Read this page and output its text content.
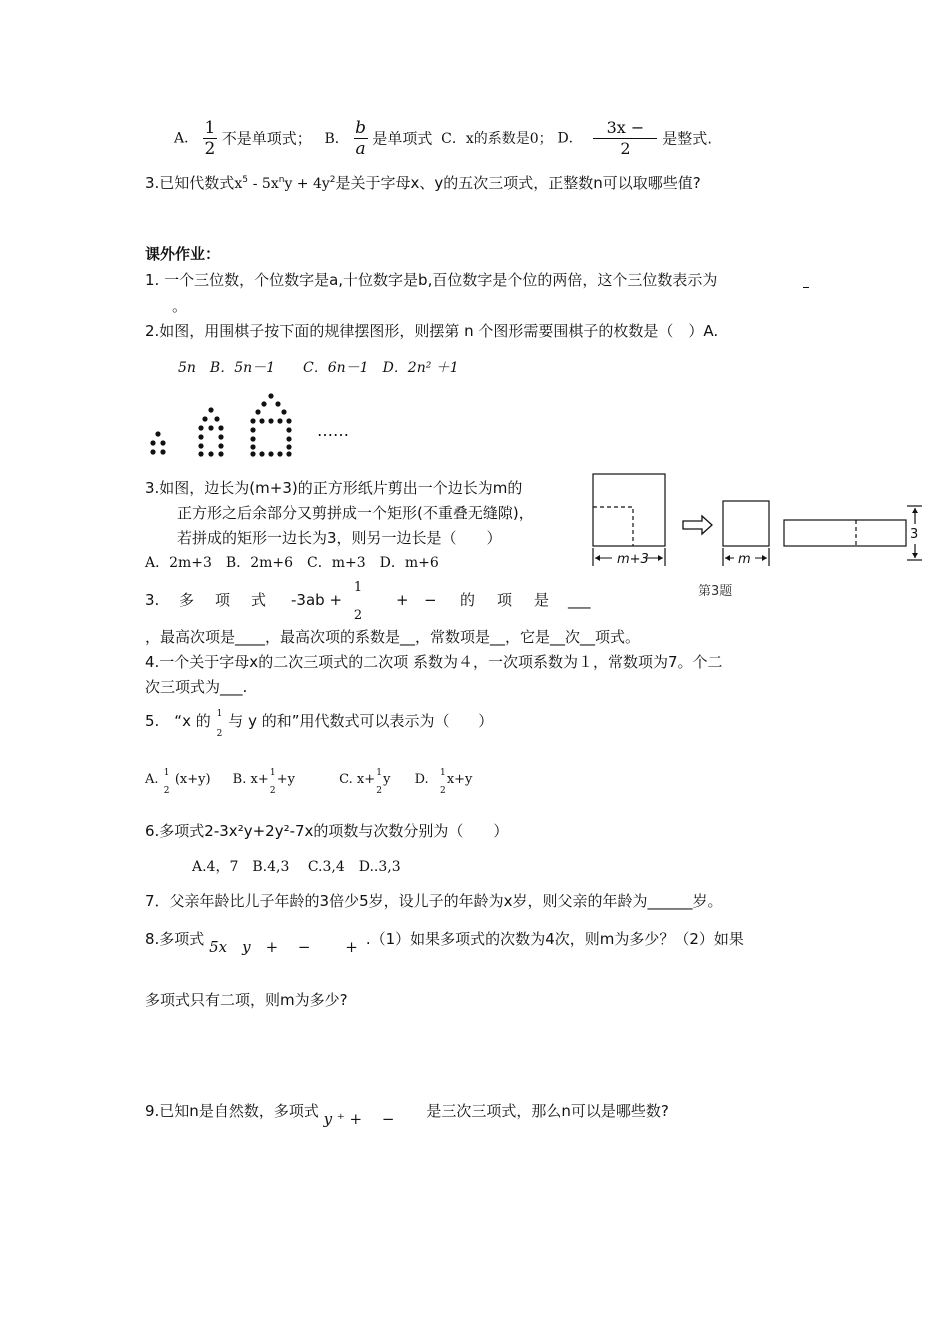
A． $\frac{1}{2}$ 不是单项式； B． $\frac{b}{a}$ 是单项式 C．x的系数是0； D． $\frac{3x -}{2}$ 是整式.
3.已知代数式$x^5 - 5x^ny + 4y^2$是关于字母x、y的五次三项式，正整数n可以取哪些值?
课外作业：
1. 一个三位数，个位数字是a,十位数字是b,百位数字是个位的两倍，这个三位数表示为
。
2.如图，用围棋子按下面的规律摆图形，则摆第 n 个图形需要围棋子的枚数是（　）A.
5n　B．5n－1　　C．6n－1　D．2n² ＋1
……
3.如图，边长为(m+3)的正方形纸片剪出一个边长为m的
正方形之后余部分又剪拼成一个矩形(不重叠无缝隙)，
若拼成的矩形一边长为3，则另一边长是（　　）
A．2m+3　B．2m+6　C．m+3　D．m+6	m+3	m
3
第3题
3. 多 项 式 -3ab +
1
2
+ − 的 项 是 ___
，最高次项是____，最高次项的系数是__，常数项是__，它是__次__项式。
4.一个关于字母x的二次三项式的二次项 系数为４，一次项系数为１，常数项为7。个二
次三项式为___.
5.　“x 的 1
2
与 y 的和”用代数式可以表示为（ ）
A. 1
2
(x+y) B. x+ 1
2
+y	C. x+ 1
2
y D. 1
2
x+y
6.多项式2-3x²y+2y²-7x的项数与次数分别为（　　）
A.4，7　B.4,3　 C.3,4　D..3,3
7．父亲年龄比儿子年龄的3倍少5岁，设儿子的年龄为x岁，则父亲的年龄为______岁。
8.多项式 5x　y　+　 −　　 + .（1）如果多项式的次数为4次，则m为多少？（2）如果
多项式只有二项，则m为多少?
9.已知n是自然数，多项式 y ⁺ +　 − 是三次三项式，那么n可以是哪些数?
